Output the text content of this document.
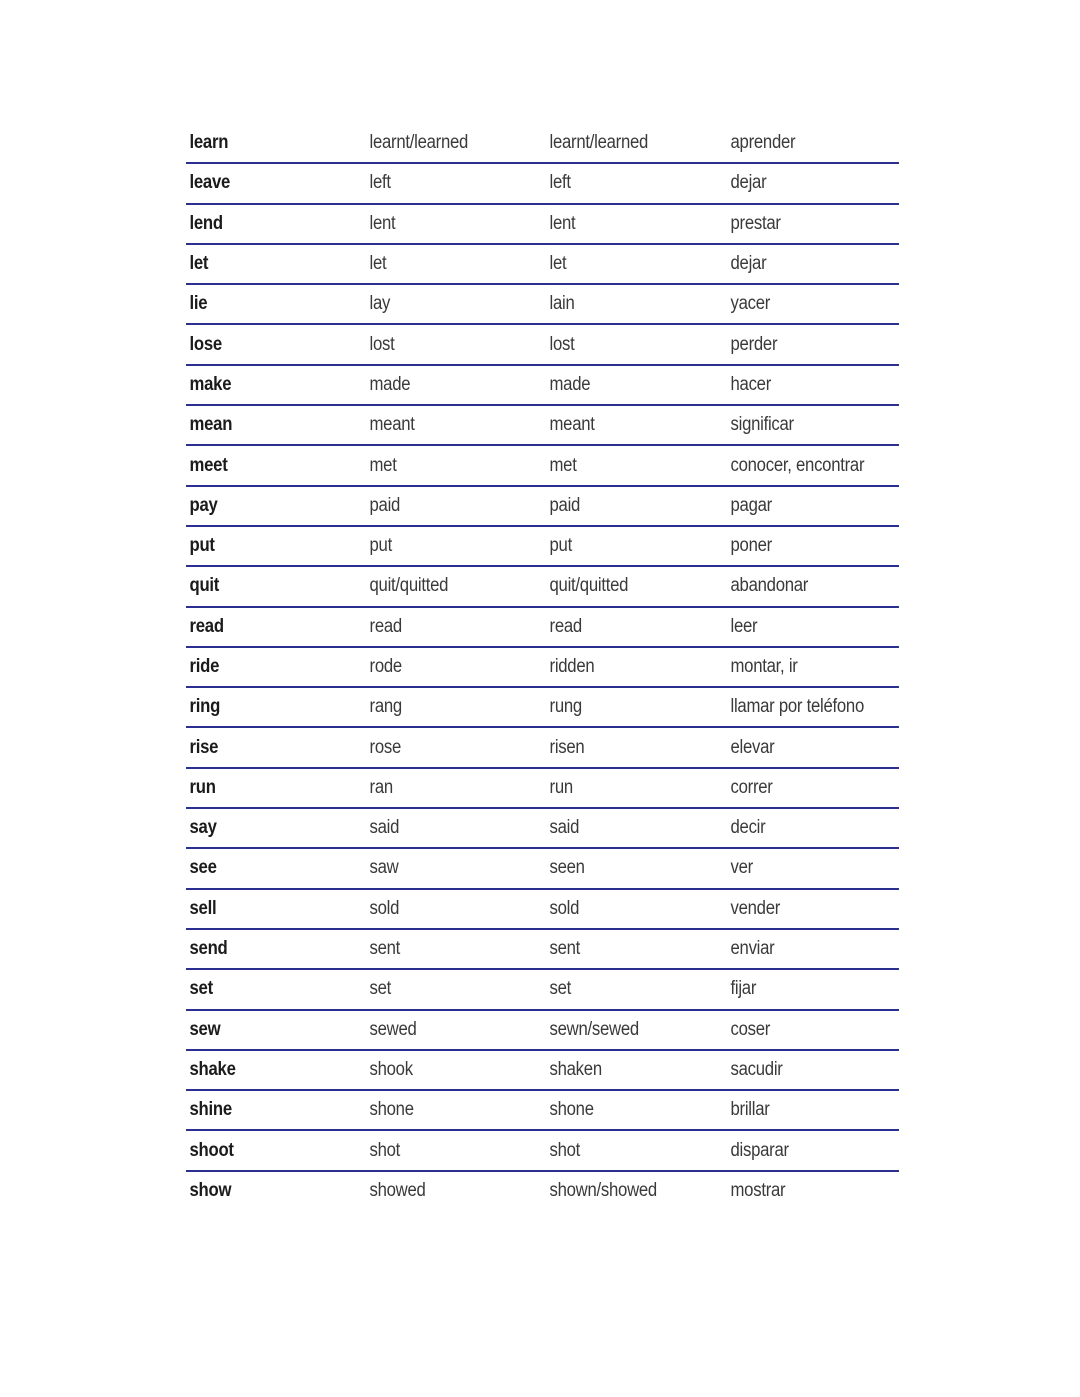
learn	learnt/learned	learnt/learned	aprender
leave	left	left	dejar
lend	lent	lent	prestar
let	let	let	dejar
lie	lay	lain	yacer
lose	lost	lost	perder
make	made	made	hacer
mean	meant	meant	significar
meet	met	met	conocer, encontrar
pay	paid	paid	pagar
put	put	put	poner
quit	quit/quitted	quit/quitted	abandonar
read	read	read	leer
ride	rode	ridden	montar, ir
ring	rang	rung	llamar por teléfono
rise	rose	risen	elevar
run	ran	run	correr
say	said	said	decir
see	saw	seen	ver
sell	sold	sold	vender
send	sent	sent	enviar
set	set	set	fijar
sew	sewed	sewn/sewed	coser
shake	shook	shaken	sacudir
shine	shone	shone	brillar
shoot	shot	shot	disparar
show	showed	shown/showed	mostrar
